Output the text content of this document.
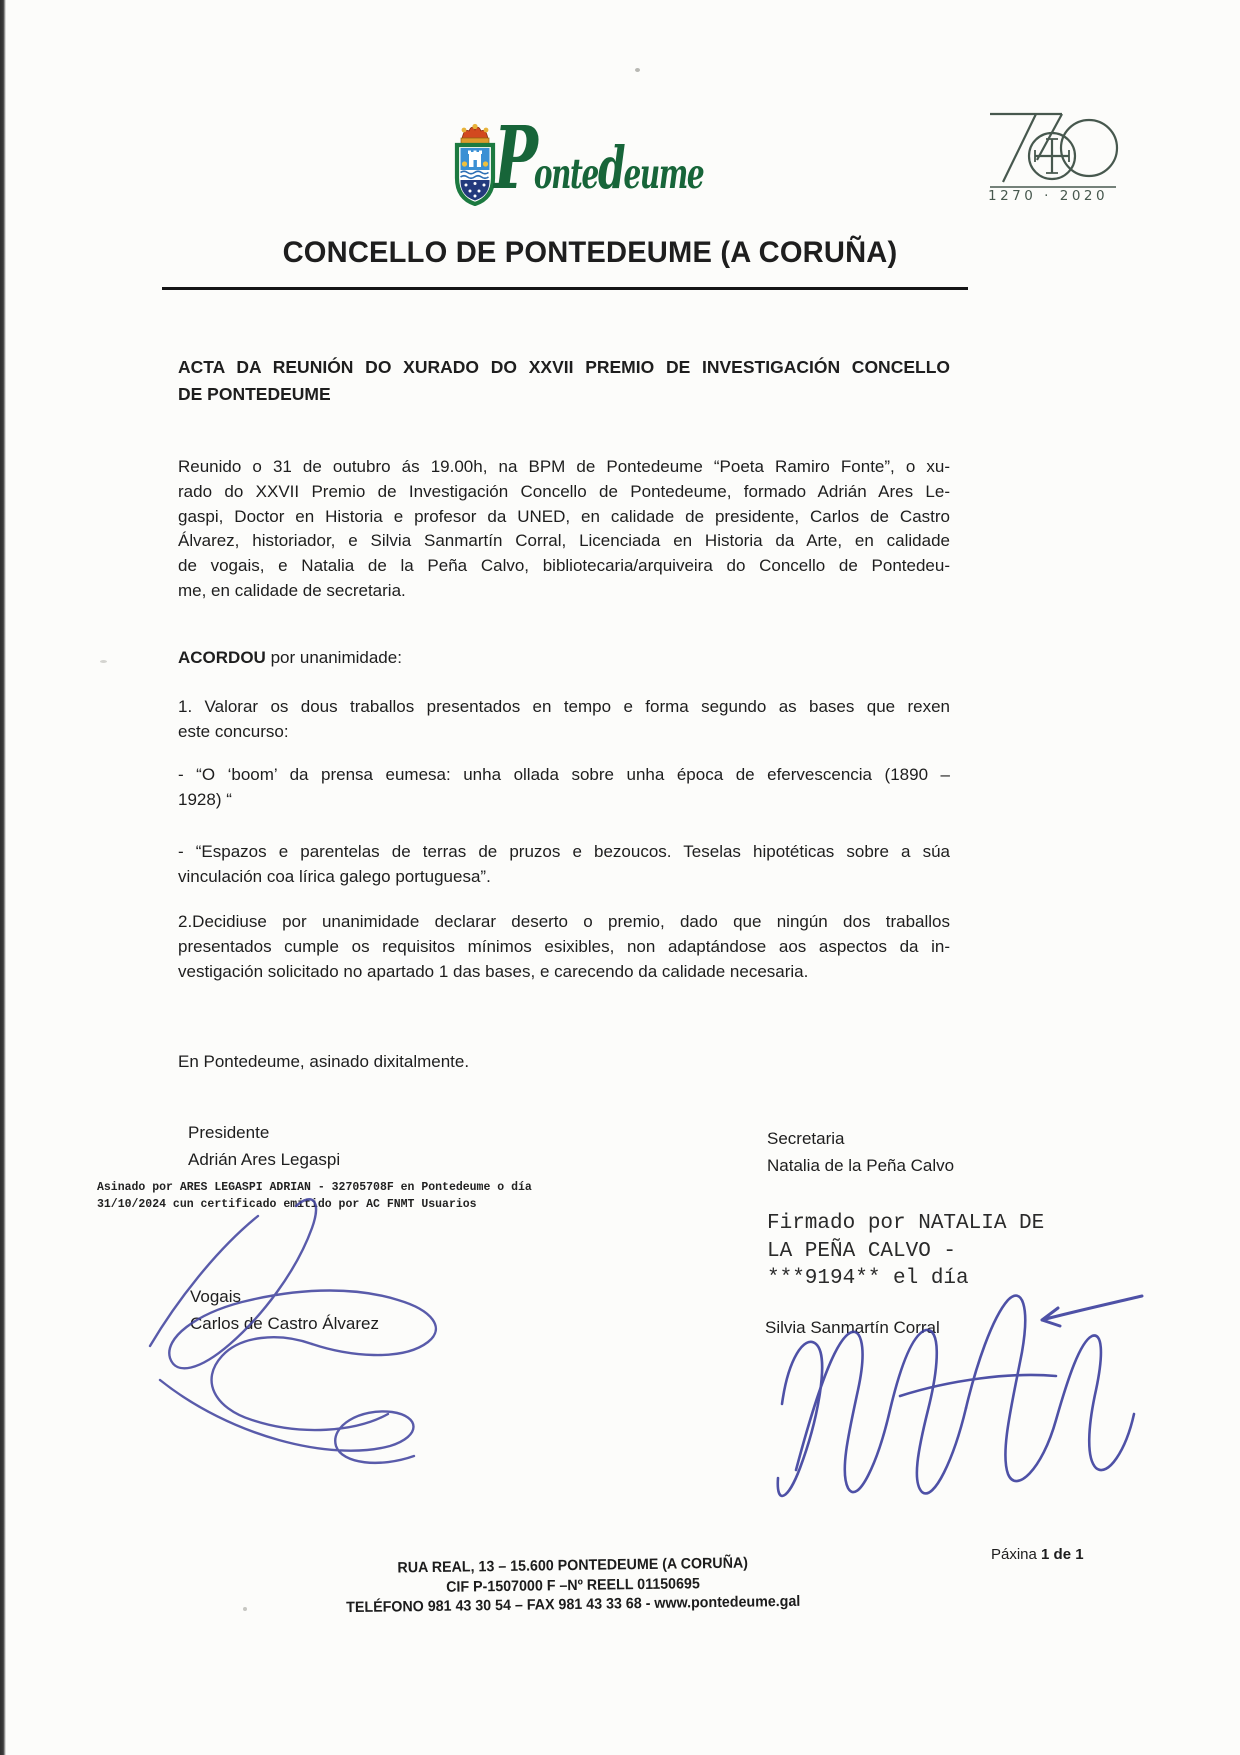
Pontedeume	1270 · 2020
CONCELLO DE PONTEDEUME (A CORUÑA)
ACTA DA REUNIÓN DO XURADO DO XXVII PREMIO DE INVESTIGACIÓN CONCELLO
DE PONTEDEUME
Reunido o 31 de outubro ás 19.00h, na BPM de Pontedeume “Poeta Ramiro Fonte”, o xu-
rado do XXVII Premio de Investigación Concello de Pontedeume, formado Adrián Ares Le-
gaspi, Doctor en Historia e profesor da UNED, en calidade de presidente, Carlos de Castro
Álvarez, historiador, e Silvia Sanmartín Corral, Licenciada en Historia da Arte, en calidade
de vogais, e Natalia de la Peña Calvo, bibliotecaria/arquiveira do Concello de Pontedeu-
me, en calidade de secretaria.
ACORDOU por unanimidade:
1. Valorar os dous traballos presentados en tempo e forma segundo as bases que rexen
este concurso:
- “O ‘boom’ da prensa eumesa: unha ollada sobre unha época de efervescencia (1890 –
1928) “
- “Espazos e parentelas de terras de pruzos e bezoucos. Teselas hipotéticas sobre a súa
vinculación coa lírica galego portuguesa”.
2.Decidiuse por unanimidade declarar deserto o premio, dado que ningún dos traballos
presentados cumple os requisitos mínimos esixibles, non adaptándose aos aspectos da in-
vestigación solicitado no apartado 1 das bases, e carecendo da calidade necesaria.
En Pontedeume, asinado dixitalmente.
Presidente
Adrián Ares Legaspi
Asinado por ARES LEGASPI ADRIAN - 32705708F en Pontedeume o día
31/10/2024 cun certificado emitido por AC FNMT Usuarios
Secretaria
Natalia de la Peña Calvo
Firmado por NATALIA DE
LA PEÑA CALVO -
***9194** el día
Vogais
Carlos de Castro Álvarez	Silvia Sanmartín Corral
RUA REAL, 13 – 15.600 PONTEDEUME (A CORUÑA)
CIF P-1507000 F –Nº REELL 01150695
TELÉFONO 981 43 30 54 – FAX 981 43 33 68 - www.pontedeume.gal
Páxina 1 de 1
